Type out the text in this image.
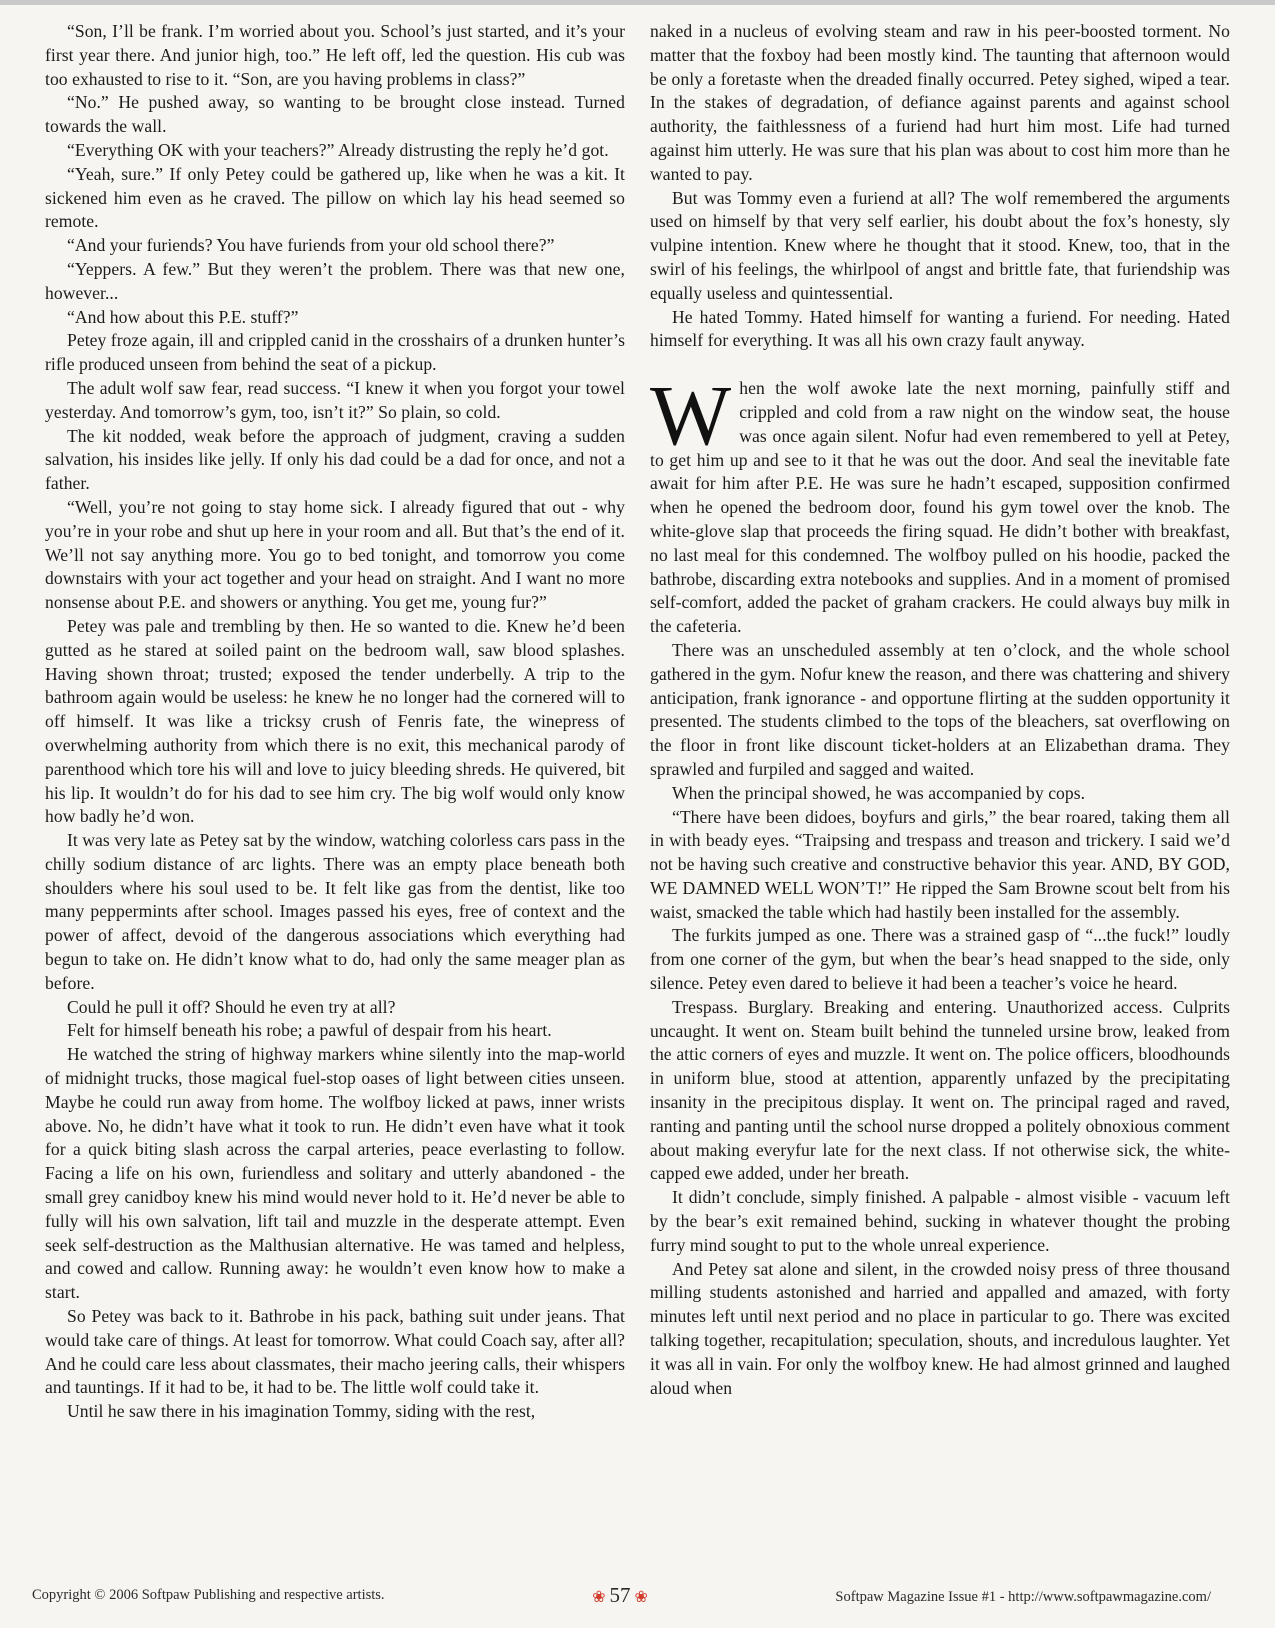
“Son, I’ll be frank. I’m worried about you. School’s just started, and it’s your first year there. And junior high, too.” He left off, led the question. His cub was too exhausted to rise to it. “Son, are you having problems in class?”

“No.” He pushed away, so wanting to be brought close instead. Turned towards the wall.

“Everything OK with your teachers?” Already distrusting the reply he’d got.

“Yeah, sure.” If only Petey could be gathered up, like when he was a kit. It sickened him even as he craved. The pillow on which lay his head seemed so remote.

“And your furiends? You have furiends from your old school there?”

“Yeppers. A few.” But they weren’t the problem. There was that new one, however...

“And how about this P.E. stuff?”

Petey froze again, ill and crippled canid in the crosshairs of a drunken hunter’s rifle produced unseen from behind the seat of a pickup.

The adult wolf saw fear, read success. “I knew it when you forgot your towel yesterday. And tomorrow’s gym, too, isn’t it?” So plain, so cold.

The kit nodded, weak before the approach of judgment, craving a sudden salvation, his insides like jelly. If only his dad could be a dad for once, and not a father.

“Well, you’re not going to stay home sick. I already figured that out - why you’re in your robe and shut up here in your room and all. But that’s the end of it. We’ll not say anything more. You go to bed tonight, and tomorrow you come downstairs with your act together and your head on straight. And I want no more nonsense about P.E. and showers or anything. You get me, young fur?”

Petey was pale and trembling by then. He so wanted to die. Knew he’d been gutted as he stared at soiled paint on the bedroom wall, saw blood splashes. Having shown throat; trusted; exposed the tender underbelly. A trip to the bathroom again would be useless: he knew he no longer had the cornered will to off himself. It was like a tricksy crush of Fenris fate, the winepress of overwhelming authority from which there is no exit, this mechanical parody of parenthood which tore his will and love to juicy bleeding shreds. He quivered, bit his lip. It wouldn’t do for his dad to see him cry. The big wolf would only know how badly he’d won.

It was very late as Petey sat by the window, watching colorless cars pass in the chilly sodium distance of arc lights. There was an empty place beneath both shoulders where his soul used to be. It felt like gas from the dentist, like too many peppermints after school. Images passed his eyes, free of context and the power of affect, devoid of the dangerous associations which everything had begun to take on. He didn’t know what to do, had only the same meager plan as before.

Could he pull it off? Should he even try at all?

Felt for himself beneath his robe; a pawful of despair from his heart.

He watched the string of highway markers whine silently into the map-world of midnight trucks, those magical fuel-stop oases of light between cities unseen. Maybe he could run away from home. The wolfboy licked at paws, inner wrists above. No, he didn’t have what it took to run. He didn’t even have what it took for a quick biting slash across the carpal arteries, peace everlasting to follow. Facing a life on his own, furiendless and solitary and utterly abandoned - the small grey canidboy knew his mind would never hold to it. He’d never be able to fully will his own salvation, lift tail and muzzle in the desperate attempt. Even seek self-destruction as the Malthusian alternative. He was tamed and helpless, and cowed and callow. Running away: he wouldn’t even know how to make a start.

So Petey was back to it. Bathrobe in his pack, bathing suit under jeans. That would take care of things. At least for tomorrow. What could Coach say, after all? And he could care less about classmates, their macho jeering calls, their whispers and tauntings. If it had to be, it had to be. The little wolf could take it.

Until he saw there in his imagination Tommy, siding with the rest,

naked in a nucleus of evolving steam and raw in his peer-boosted torment. No matter that the foxboy had been mostly kind. The taunting that afternoon would be only a foretaste when the dreaded finally occurred. Petey sighed, wiped a tear. In the stakes of degradation, of defiance against parents and against school authority, the faithlessness of a furiend had hurt him most. Life had turned against him utterly. He was sure that his plan was about to cost him more than he wanted to pay.

But was Tommy even a furiend at all? The wolf remembered the arguments used on himself by that very self earlier, his doubt about the fox’s honesty, sly vulpine intention. Knew where he thought that it stood. Knew, too, that in the swirl of his feelings, the whirlpool of angst and brittle fate, that furiendship was equally useless and quintessential.

He hated Tommy. Hated himself for wanting a furiend. For needing. Hated himself for everything. It was all his own crazy fault anyway.

When the wolf awoke late the next morning, painfully stiff and crippled and cold from a raw night on the window seat, the house was once again silent. Nofur had even remembered to yell at Petey, to get him up and see to it that he was out the door. And seal the inevitable fate await for him after P.E. He was sure he hadn’t escaped, supposition confirmed when he opened the bedroom door, found his gym towel over the knob. The white-glove slap that proceeds the firing squad. He didn’t bother with breakfast, no last meal for this condemned. The wolfboy pulled on his hoodie, packed the bathrobe, discarding extra notebooks and supplies. And in a moment of promised self-comfort, added the packet of graham crackers. He could always buy milk in the cafeteria.

There was an unscheduled assembly at ten o’clock, and the whole school gathered in the gym. Nofur knew the reason, and there was chattering and shivery anticipation, frank ignorance - and opportune flirting at the sudden opportunity it presented. The students climbed to the tops of the bleachers, sat overflowing on the floor in front like discount ticket-holders at an Elizabethan drama. They sprawled and furpiled and sagged and waited.

When the principal showed, he was accompanied by cops.

“There have been didoes, boyfurs and girls,” the bear roared, taking them all in with beady eyes. “Traipsing and trespass and treason and trickery. I said we’d not be having such creative and constructive behavior this year. AND, BY GOD, WE DAMNED WELL WON’T!” He ripped the Sam Browne scout belt from his waist, smacked the table which had hastily been installed for the assembly.

The furkits jumped as one. There was a strained gasp of “...the fuck!” loudly from one corner of the gym, but when the bear’s head snapped to the side, only silence. Petey even dared to believe it had been a teacher’s voice he heard.

Trespass. Burglary. Breaking and entering. Unauthorized access. Culprits uncaught. It went on. Steam built behind the tunneled ursine brow, leaked from the attic corners of eyes and muzzle. It went on. The police officers, bloodhounds in uniform blue, stood at attention, apparently unfazed by the precipitating insanity in the precipitous display. It went on. The principal raged and raved, ranting and panting until the school nurse dropped a politely obnoxious comment about making everyfur late for the next class. If not otherwise sick, the white-capped ewe added, under her breath.

It didn’t conclude, simply finished. A palpable - almost visible - vacuum left by the bear’s exit remained behind, sucking in whatever thought the probing furry mind sought to put to the whole unreal experience.

And Petey sat alone and silent, in the crowded noisy press of three thousand milling students astonished and harried and appalled and amazed, with forty minutes left until next period and no place in particular to go. There was excited talking together, recapitulation; speculation, shouts, and incredulous laughter. Yet it was all in vain. For only the wolfboy knew. He had almost grinned and laughed aloud when

Copyright © 2006 Softpaw Publishing and respective artists.	❀ 57 ❀	Softpaw Magazine Issue #1 - http://www.softpawmagazine.com/
